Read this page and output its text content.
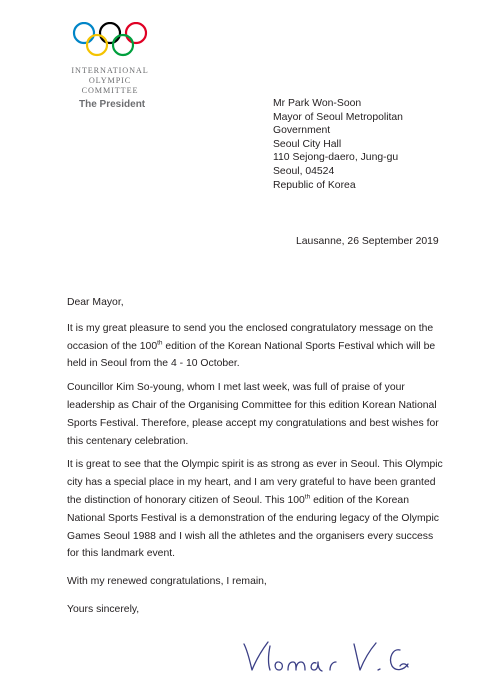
INTERNATIONAL
OLYMPIC
COMMITTEE
The President	Mr Park Won-Soon
Mayor of Seoul Metropolitan
Government
Seoul City Hall
110 Sejong-daero, Jung-gu
Seoul, 04524
Republic of Korea
Lausanne, 26 September 2019

Dear Mayor,

It is my great pleasure to send you the enclosed congratulatory message on the occasion of the 100th edition of the Korean National Sports Festival which will be held in Seoul from the 4 - 10 October.

Councillor Kim So-young, whom I met last week, was full of praise of your leadership as Chair of the Organising Committee for this edition Korean National Sports Festival. Therefore, please accept my congratulations and best wishes for this centenary celebration.

It is great to see that the Olympic spirit is as strong as ever in Seoul. This Olympic city has a special place in my heart, and I am very grateful to have been granted the distinction of honorary citizen of Seoul. This 100th edition of the Korean National Sports Festival is a demonstration of the enduring legacy of the Olympic Games Seoul 1988 and I wish all the athletes and the organisers every success for this landmark event.

With my renewed congratulations, I remain,

Yours sincerely,
